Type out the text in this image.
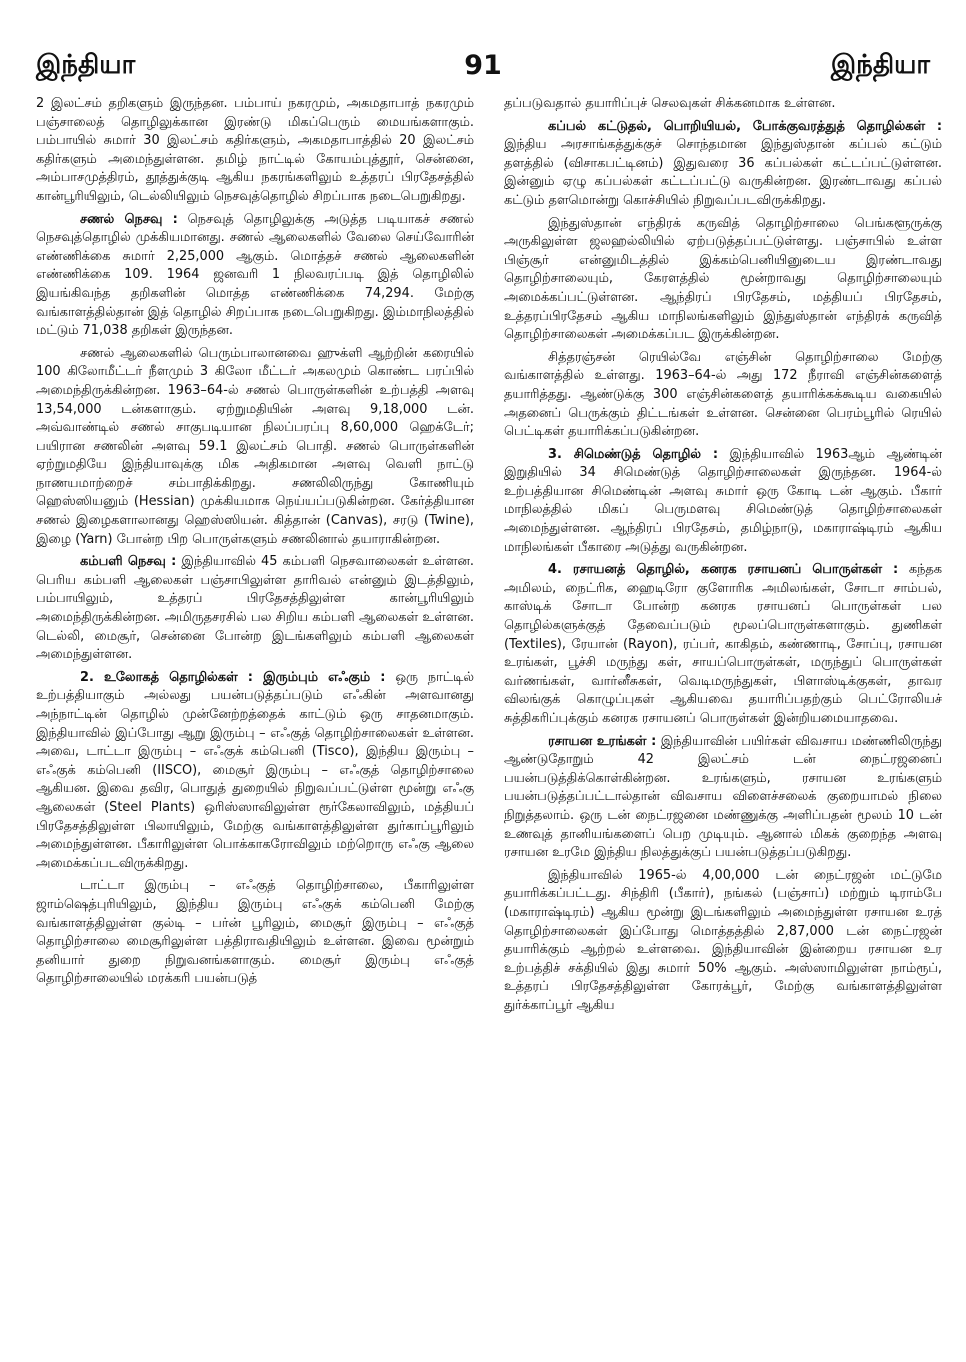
இந்தியா	91	இந்தியா

2 இலட்சம் தறிகளும் இருந்தன. பம்பாய் நகரமும், அகமதாபாத் நகரமும் பஞ்சாலைத் தொழிலுக்கான இரண்டு மிகப்பெரும் மையங்களாகும். பம்பாயில் சுமார் 30 இலட்சம் கதிர்களும், அகமதாபாத்தில் 20 இலட்சம் கதிர்களும் அமைந்துள்ளன. தமிழ் நாட்டில் கோயம்புத்தூர், சென்னை, அம்பாசமுத்திரம், தூத்துக்குடி ஆகிய நகரங்களிலும் உத்தரப் பிரதேசத்தில் கான்பூரியிலும், டெல்லியிலும் நெசவுத்தொழில் சிறப்பாக நடைபெறுகிறது.

சணல் நெசவு : நெசவுத் தொழிலுக்கு அடுத்த படியாகச் சணல் நெசவுத்தொழில் முக்கியமானது. சணல் ஆலைகளில் வேலை செய்வோரின் எண்ணிக்கை சுமார் 2,25,000 ஆகும். மொத்தச் சணல் ஆலைகளின் எண்ணிக்கை 109. 1964 ஜனவரி 1 நிலவரப்படி இத் தொழிலில் இயங்கிவந்த தறிகளின் மொத்த எண்ணிக்கை 74,294. மேற்கு வங்காளத்தில்தான் இத் தொழில் சிறப்பாக நடைபெறுகிறது. இம்மாநிலத்தில் மட்டும் 71,038 தறிகள் இருந்தன.

சணல் ஆலைகளில் பெரும்பாலானவை ஹுக்ளி ஆற்றின் கரையில் 100 கிலோமீட்டர் நீளமும் 3 கிலோ மீட்டர் அகலமும் கொண்ட பரப்பில் அமைந்திருக்கின்றன. 1963–64-ல் சணல் பொருள்களின் உற்பத்தி அளவு 13,54,000 டன்களாகும். ஏற்றுமதியின் அளவு 9,18,000 டன். அவ்வாண்டில் சணல் சாகுபடியான நிலப்பரப்பு 8,60,000 ஹெக்டேர்; பயிரான சணலின் அளவு 59.1 இலட்சம் பொதி. சணல் பொருள்களின் ஏற்றுமதியே இந்தியாவுக்கு மிக அதிகமான அளவு வெளி நாட்டு நாணயமாற்றைச் சம்பாதிக்கிறது. சணலிலிருந்து கோணியும் ஹெஸ்ஸியனும் (Hessian) முக்கியமாக நெய்யப்படுகின்றன. கேர்த்தியான சணல் இழைகளாலானது ஹெஸ்ஸியன். கித்தான் (Canvas), சரடு (Twine), இழை (Yarn) போன்ற பிற பொருள்களும் சணலினால் தயாராகின்றன.

கம்பளி நெசவு : இந்தியாவில் 45 கம்பளி நெசவாலைகள் உள்ளன. பெரிய கம்பளி ஆலைகள் பஞ்சாபிலுள்ள தாரிவல் என்னும் இடத்திலும், பம்பாயிலும், உத்தரப் பிரதேசத்திலுள்ள கான்பூரியிலும் அமைந்திருக்கின்றன. அமிருதசரசில் பல சிறிய கம்பளி ஆலைகள் உள்ளன. டெல்லி, மைசூர், சென்னை போன்ற இடங்களிலும் கம்பளி ஆலைகள் அமைந்துள்ளன.

2. உலோகத் தொழில்கள் : இரும்பும் எஃகும் : ஒரு நாட்டில் உற்பத்தியாகும் அல்லது பயன்படுத்தப்படும் எஃகின் அளவானது அந்நாட்டின் தொழில் முன்னேற்றத்தைக் காட்டும் ஒரு சாதனமாகும். இந்தியாவில் இப்போது ஆறு இரும்பு – எஃகுத் தொழிற்சாலைகள் உள்ளன. அவை, டாட்டா இரும்பு – எஃகுக் கம்பெனி (Tisco), இந்திய இரும்பு – எஃகுக் கம்பெனி (IISCO), மைசூர் இரும்பு – எஃகுத் தொழிற்சாலை ஆகியன. இவை தவிர, பொதுத் துறையில் நிறுவப்பட்டுள்ள மூன்று எஃகு ஆலைகள் (Steel Plants) ஒரிஸ்ஸாவிலுள்ள ரூர்கேலாவிலும், மத்தியப் பிரதேசத்திலுள்ள பிலாயிலும், மேற்கு வங்காளத்திலுள்ள துர்காப்பூரிலும் அமைந்துள்ளன. பீகாரிலுள்ள பொக்காகரோவிலும் மற்றொரு எஃகு ஆலை அமைக்கப்படவிருக்கிறது.

டாட்டா இரும்பு – எஃகுத் தொழிற்சாலை, பீகாரிலுள்ள ஜாம்ஷெத்புரியிலும், இந்திய இரும்பு எஃகுக் கம்பெனி மேற்கு வங்காளத்திலுள்ள குல்டி – பர்ன் பூரிலும், மைசூர் இரும்பு – எஃகுத் தொழிற்சாலை மைசூரிலுள்ள பத்திராவதியிலும் உள்ளன. இவை மூன்றும் தனியார் துறை நிறுவனங்களாகும். மைசூர் இரும்பு எஃகுத் தொழிற்சாலையில் மரக்கரி பயன்படுத்

தப்படுவதால் தயாரிப்புச் செலவுகள் சிக்கனமாக உள்ளன.

கப்பல் கட்டுதல், பொறியியல், போக்குவரத்துத் தொழில்கள் : இந்திய அரசாங்கத்துக்குச் சொந்தமான இந்துஸ்தான் கப்பல் கட்டும் தளத்தில் (விசாகபட்டினம்) இதுவரை 36 கப்பல்கள் கட்டப்பட்டுள்ளன. இன்னும் ஏழு கப்பல்கள் கட்டப்பட்டு வருகின்றன. இரண்டாவது கப்பல் கட்டும் தளமொன்று கொச்சியில் நிறுவப்படவிருக்கிறது.

இந்துஸ்தான் எந்திரக் கருவித் தொழிற்சாலை பெங்களூருக்கு அருகிலுள்ள ஜலஹல்லியில் ஏற்படுத்தப்பட்டுள்ளது. பஞ்சாபில் உள்ள பிஞ்சூர் என்னுமிடத்தில் இக்கம்பெனியினுடைய இரண்டாவது தொழிற்சாலையும், கேரளத்தில் மூன்றாவது தொழிற்சாலையும் அமைக்கப்பட்டுள்ளன. ஆந்திரப் பிரதேசம், மத்தியப் பிரதேசம், உத்தரப்பிரதேசம் ஆகிய மாநிலங்களிலும் இந்துஸ்தான் எந்திரக் கருவித் தொழிற்சாலைகள் அமைக்கப்பட இருக்கின்றன.

சித்தரஞ்சன் ரெயில்வே எஞ்சின் தொழிற்சாலை மேற்கு வங்காளத்தில் உள்ளது. 1963–64-ல் அது 172 நீராவி எஞ்சின்களைத் தயாரித்தது. ஆண்டுக்கு 300 எஞ்சின்களைத் தயாரிக்கக்கூடிய வகையில் அதனைப் பெருக்கும் திட்டங்கள் உள்ளன. சென்னை பெரம்பூரில் ரெயில் பெட்டிகள் தயாரிக்கப்படுகின்றன.

3. சிமெண்டுத் தொழில் : இந்தியாவில் 1963ஆம் ஆண்டின் இறுதியில் 34 சிமெண்டுத் தொழிற்சாலைகள் இருந்தன. 1964-ல் உற்பத்தியான சிமெண்டின் அளவு சுமார் ஒரு கோடி டன் ஆகும். பீகார் மாநிலத்தில் மிகப் பெருமளவு சிமெண்டுத் தொழிற்சாலைகள் அமைந்துள்ளன. ஆந்திரப் பிரதேசம், தமிழ்நாடு, மகாராஷ்டிரம் ஆகிய மாநிலங்கள் பீகாரை அடுத்து வருகின்றன.

4. ரசாயனத் தொழில், கனரக ரசாயனப் பொருள்கள் : கந்தக அமிலம், நைட்ரிக, ஹைடிரோ குளோரிக அமிலங்கள், சோடா சாம்பல், காஸ்டிக் சோடா போன்ற கனரக ரசாயனப் பொருள்கள் பல தொழில்களுக்குத் தேவைப்படும் மூலப்பொருள்களாகும். துணிகள் (Textiles), ரேயான் (Rayon), ரப்பர், காகிதம், கண்ணாடி, சோப்பு, ரசாயன உரங்கள், பூச்சி மருந்து கள், சாயப்பொருள்கள், மருந்துப் பொருள்கள் வர்ணங்கள், வார்னீசுகள், வெடிமருந்துகள், பிளாஸ்டிக்குகள், தாவர விலங்குக் கொழுப்புகள் ஆகியவை தயாரிப்பதற்கும் பெட்ரோலியச் சுத்திகரிப்புக்கும் கனரக ரசாயனப் பொருள்கள் இன்றியமையாதவை.

ரசாயன உரங்கள் : இந்தியாவின் பயிர்கள் விவசாய மண்ணிலிருந்து ஆண்டுதோறும் 42 இலட்சம் டன் நைட்ரஜனைப் பயன்படுத்திக்கொள்கின்றன. உரங்களும், ரசாயன உரங்களும் பயன்படுத்தப்பட்டால்தான் விவசாய விளைச்சலைக் குறையாமல் நிலை நிறுத்தலாம். ஒரு டன் நைட்ரஜனை மண்ணுக்கு அளிப்பதன் மூலம் 10 டன் உணவுத் தானியங்களைப் பெற முடியும். ஆனால் மிகக் குறைந்த அளவு ரசாயன உரமே இந்திய நிலத்துக்குப் பயன்படுத்தப்படுகிறது.

இந்தியாவில் 1965-ல் 4,00,000 டன் நைட்ரஜன் மட்டுமே தயாரிக்கப்பட்டது. சிந்திரி (பீகார்), நங்கல் (பஞ்சாப்) மற்றும் டிராம்பே (மகாராஷ்டிரம்) ஆகிய மூன்று இடங்களிலும் அமைந்துள்ள ரசாயன உரத் தொழிற்சாலைகள் இப்போது மொத்தத்தில் 2,87,000 டன் நைட்ரஜன் தயாரிக்கும் ஆற்றல் உள்ளவை. இந்தியாவின் இன்றைய ரசாயன உர உற்பத்திச் சக்தியில் இது சுமார் 50% ஆகும். அஸ்ஸாமிலுள்ள நாம்ரூப், உத்தரப் பிரதேசத்திலுள்ள கோரக்பூர், மேற்கு வங்காளத்திலுள்ள துர்க்காப்பூர் ஆகிய
